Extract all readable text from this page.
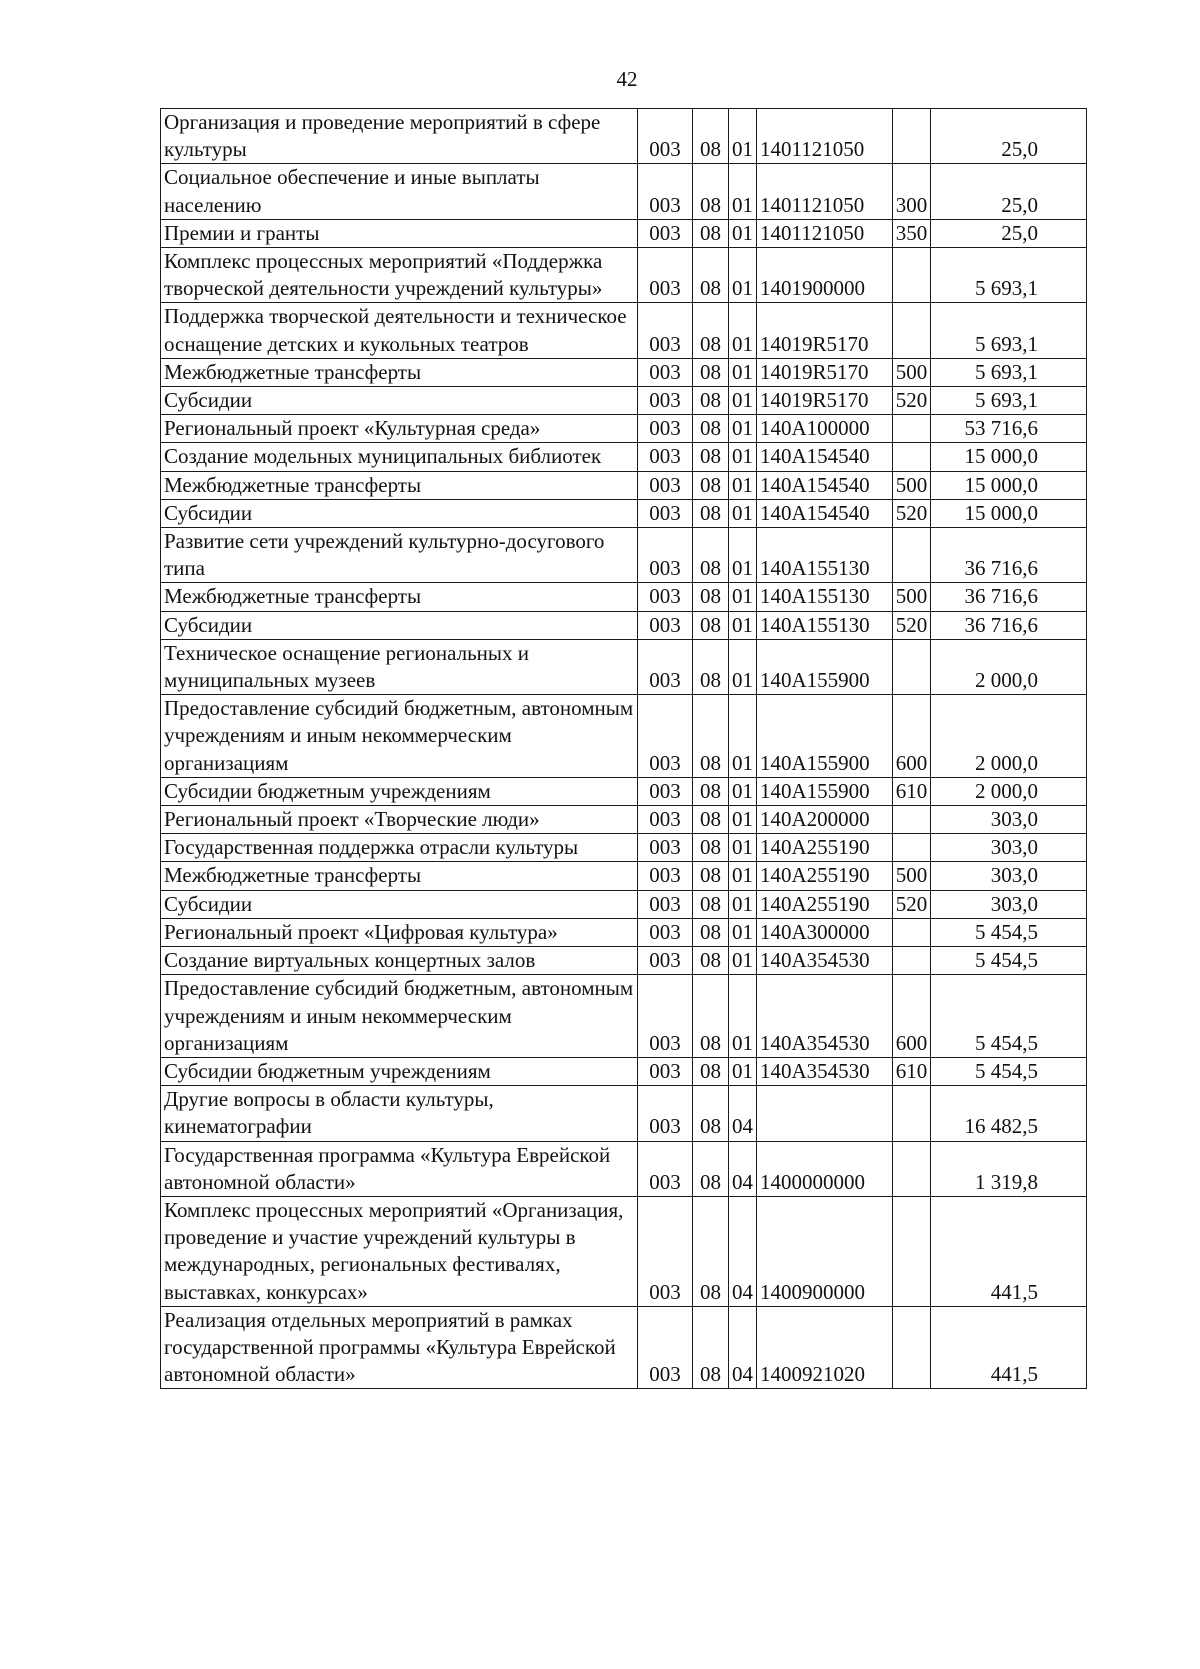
42
Организация и проведение мероприятий в сфере культуры	003	08	01	1401121050		25,0
Социальное обеспечение и иные выплаты населению	003	08	01	1401121050	300	25,0
Премии и гранты	003	08	01	1401121050	350	25,0
Комплекс процессных мероприятий «Поддержка творческой деятельности учреждений культуры»	003	08	01	1401900000		5 693,1
Поддержка творческой деятельности и техническое оснащение детских и кукольных театров	003	08	01	14019R5170		5 693,1
Межбюджетные трансферты	003	08	01	14019R5170	500	5 693,1
Субсидии	003	08	01	14019R5170	520	5 693,1
Региональный проект «Культурная среда»	003	08	01	140A100000		53 716,6
Создание модельных муниципальных библиотек	003	08	01	140A154540		15 000,0
Межбюджетные трансферты	003	08	01	140A154540	500	15 000,0
Субсидии	003	08	01	140A154540	520	15 000,0
Развитие сети учреждений культурно-досугового типа	003	08	01	140A155130		36 716,6
Межбюджетные трансферты	003	08	01	140A155130	500	36 716,6
Субсидии	003	08	01	140A155130	520	36 716,6
Техническое оснащение региональных и муниципальных музеев	003	08	01	140A155900		2 000,0
Предоставление субсидий бюджетным, автономным учреждениям и иным некоммерческим организациям	003	08	01	140A155900	600	2 000,0
Субсидии бюджетным учреждениям	003	08	01	140A155900	610	2 000,0
Региональный проект «Творческие люди»	003	08	01	140A200000		303,0
Государственная поддержка отрасли культуры	003	08	01	140A255190		303,0
Межбюджетные трансферты	003	08	01	140A255190	500	303,0
Субсидии	003	08	01	140A255190	520	303,0
Региональный проект «Цифровая культура»	003	08	01	140A300000		5 454,5
Создание виртуальных концертных залов	003	08	01	140A354530		5 454,5
Предоставление субсидий бюджетным, автономным учреждениям и иным некоммерческим организациям	003	08	01	140A354530	600	5 454,5
Субсидии бюджетным учреждениям	003	08	01	140A354530	610	5 454,5
Другие вопросы в области культуры, кинематографии	003	08	04			16 482,5
Государственная программа «Культура Еврейской автономной области»	003	08	04	1400000000		1 319,8
Комплекс процессных мероприятий «Организация, проведение и участие учреждений культуры в международных, региональных фестивалях, выставках, конкурсах»	003	08	04	1400900000		441,5
Реализация отдельных мероприятий в рамках государственной программы «Культура Еврейской автономной области»	003	08	04	1400921020		441,5
